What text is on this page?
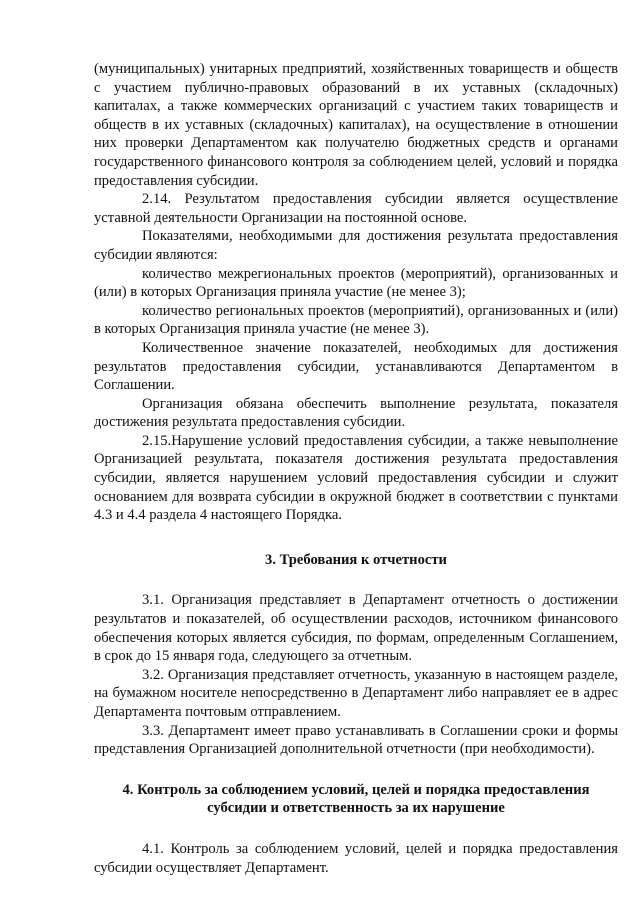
(муниципальных) унитарных предприятий, хозяйственных товариществ и обществ с участием публично-правовых образований в их уставных (складочных) капиталах, а также коммерческих организаций с участием таких товариществ и обществ в их уставных (складочных) капиталах), на осуществление в отношении них проверки Департаментом как получателю бюджетных средств и органами государственного финансового контроля за соблюдением целей, условий и порядка предоставления субсидии.

2.14. Результатом предоставления субсидии является осуществление уставной деятельности Организации на постоянной основе.

Показателями, необходимыми для достижения результата предоставления субсидии являются:

количество межрегиональных проектов (мероприятий), организованных и (или) в которых Организация приняла участие (не менее 3);

количество региональных проектов (мероприятий), организованных и (или) в которых Организация приняла участие (не менее 3).

Количественное значение показателей, необходимых для достижения результатов предоставления субсидии, устанавливаются Департаментом в Соглашении.

Организация обязана обеспечить выполнение результата, показателя достижения результата предоставления субсидии.

2.15.Нарушение условий предоставления субсидии, а также невыполнение Организацией результата, показателя достижения результата предоставления субсидии, является нарушением условий предоставления субсидии и служит основанием для возврата субсидии в окружной бюджет в соответствии с пунктами 4.3 и 4.4 раздела 4 настоящего Порядка.

3. Требования к отчетности

3.1. Организация представляет в Департамент отчетность о достижении результатов и показателей, об осуществлении расходов, источником финансового обеспечения которых является субсидия, по формам, определенным Соглашением, в срок до 15 января года, следующего за отчетным.

3.2. Организация представляет отчетность, указанную в настоящем разделе, на бумажном носителе непосредственно в Департамент либо направляет ее в адрес Департамента почтовым отправлением.

3.3. Департамент имеет право устанавливать в Соглашении сроки и формы представления Организацией дополнительной отчетности (при необходимости).

4. Контроль за соблюдением условий, целей и порядка предоставления
субсидии и ответственность за их нарушение

4.1. Контроль за соблюдением условий, целей и порядка предоставления субсидии осуществляет Департамент.
